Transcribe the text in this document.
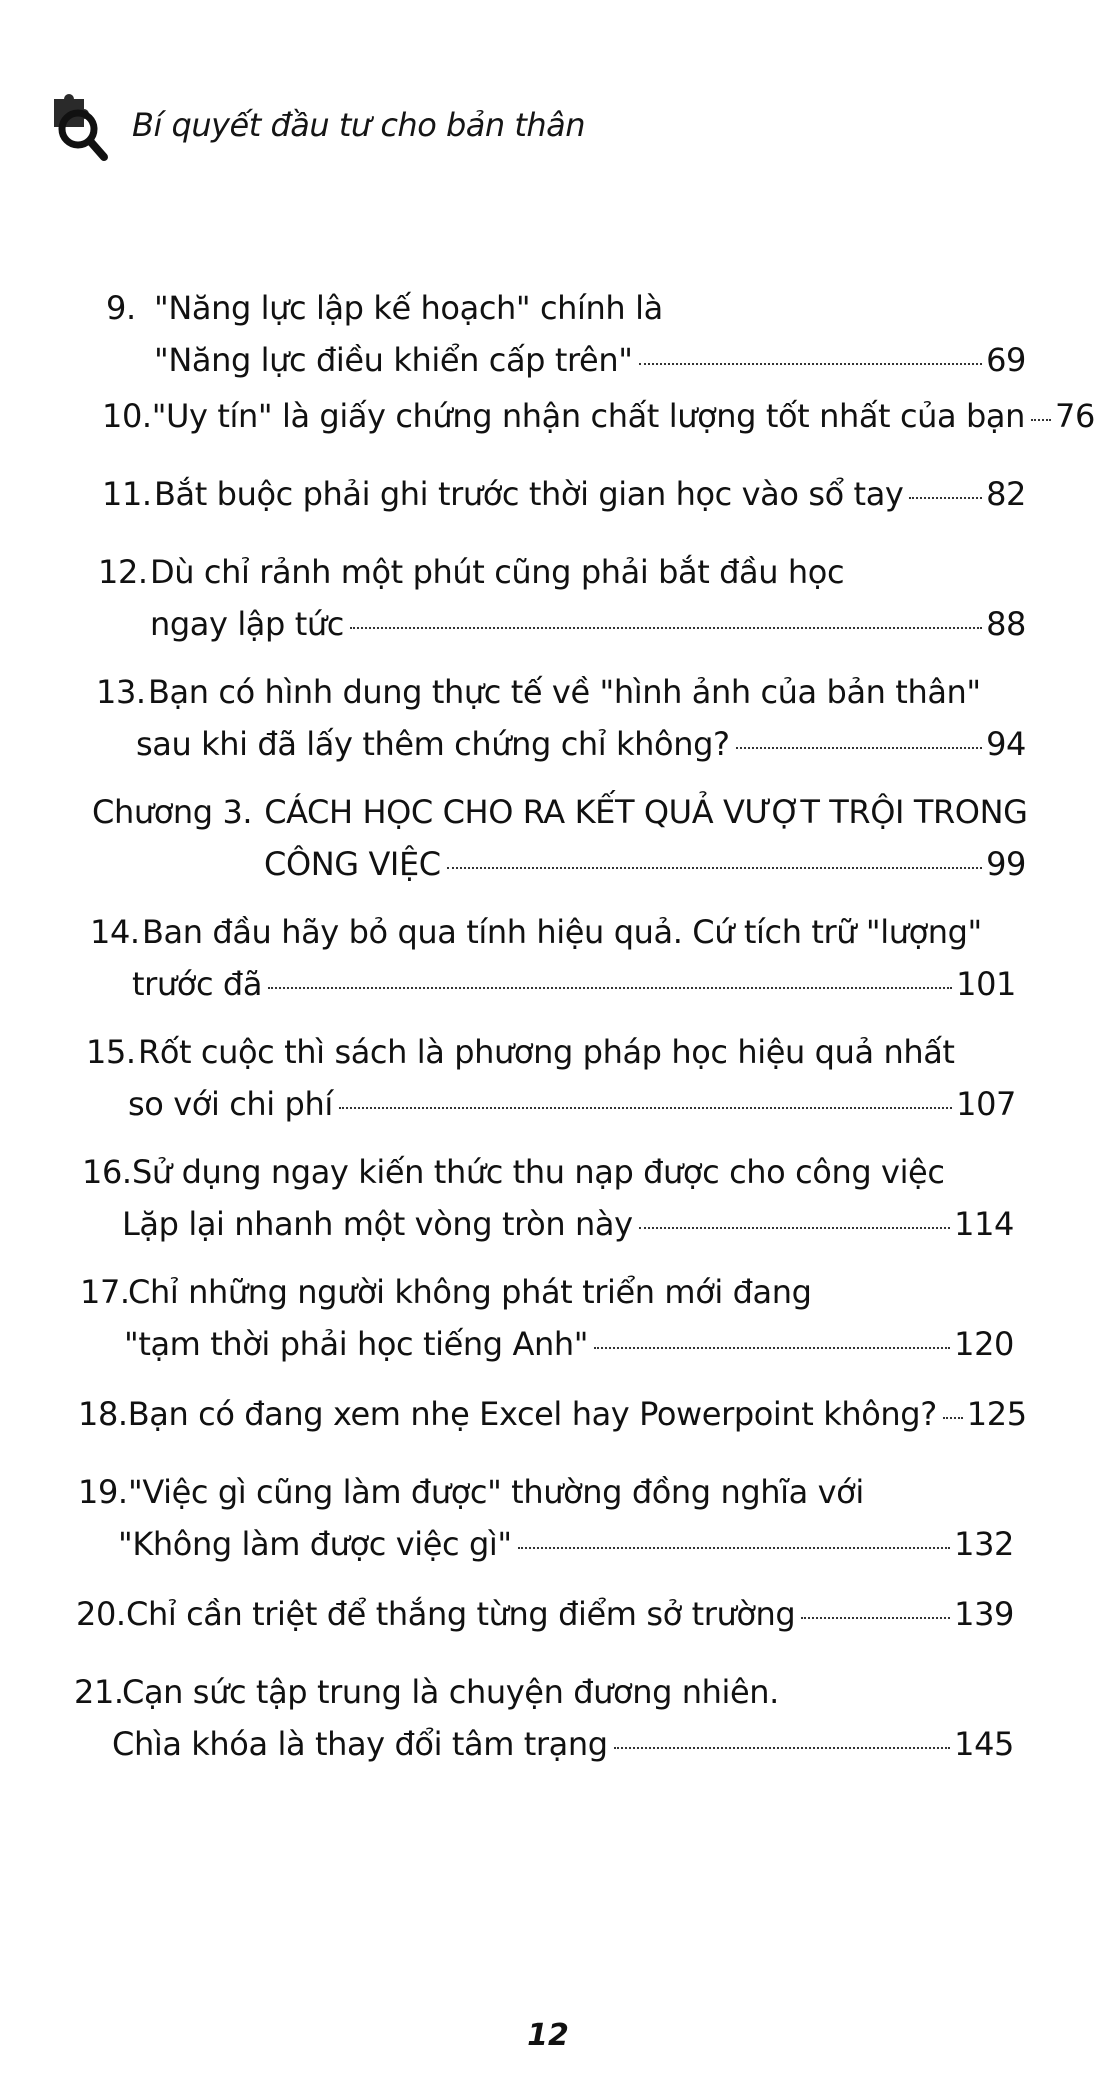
Bí quyết đầu tư cho bản thân
9. "Năng lực lập kế hoạch" chính là
"Năng lực điều khiển cấp trên"	69
10. "Uy tín" là giấy chứng nhận chất lượng tốt nhất của bạn 76
11. Bắt buộc phải ghi trước thời gian học vào sổ tay	82
12. Dù chỉ rảnh một phút cũng phải bắt đầu học
ngay lập tức	88
13. Bạn có hình dung thực tế về "hình ảnh của bản thân"
sau khi đã lấy thêm chứng chỉ không?	94
Chương 3. CÁCH HỌC CHO RA KẾT QUẢ VƯỢT TRỘI TRONG
CÔNG VIỆC	99
14. Ban đầu hãy bỏ qua tính hiệu quả. Cứ tích trữ "lượng"
trước đã	101
15. Rốt cuộc thì sách là phương pháp học hiệu quả nhất
so với chi phí	107
16. Sử dụng ngay kiến thức thu nạp được cho công việc
Lặp lại nhanh một vòng tròn này	114
17.
Chỉ những người không phát triển mới đang
"tạm thời phải học tiếng Anh"	120
18. Bạn có đang xem nhẹ Excel hay Powerpoint không? 125
19. "Việc gì cũng làm được" thường đồng nghĩa với
"Không làm được việc gì"	132
20. Chỉ cần triệt để thắng từng điểm sở trường	139
21.
Cạn sức tập trung là chuyện đương nhiên.
Chìa khóa là thay đổi tâm trạng	145
12
